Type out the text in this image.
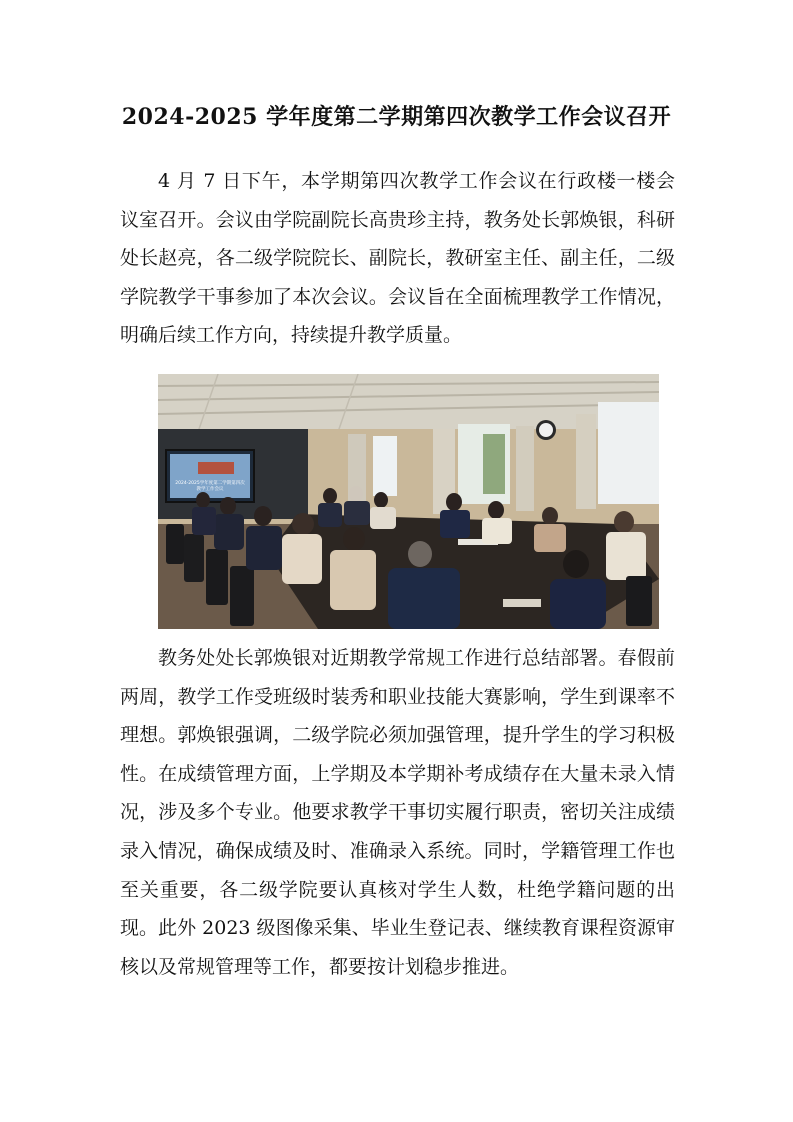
2024-2025 学年度第二学期第四次教学工作会议召开

4 月 7 日下午，本学期第四次教学工作会议在行政楼一楼会议室召开。会议由学院副院长高贵珍主持，教务处长郭焕银，科研处长赵亮，各二级学院院长、副院长，教研室主任、副主任，二级学院教学干事参加了本次会议。会议旨在全面梳理教学工作情况，明确后续工作方向，持续提升教学质量。

2024-2025学年度第二学期第四次
教学工作会议

教务处处长郭焕银对近期教学常规工作进行总结部署。春假前两周，教学工作受班级时装秀和职业技能大赛影响，学生到课率不理想。郭焕银强调，二级学院必须加强管理，提升学生的学习积极性。在成绩管理方面，上学期及本学期补考成绩存在大量未录入情况，涉及多个专业。他要求教学干事切实履行职责，密切关注成绩录入情况，确保成绩及时、准确录入系统。同时，学籍管理工作也至关重要，各二级学院要认真核对学生人数，杜绝学籍问题的出现。此外 2023 级图像采集、毕业生登记表、继续教育课程资源审核以及常规管理等工作，都要按计划稳步推进。
